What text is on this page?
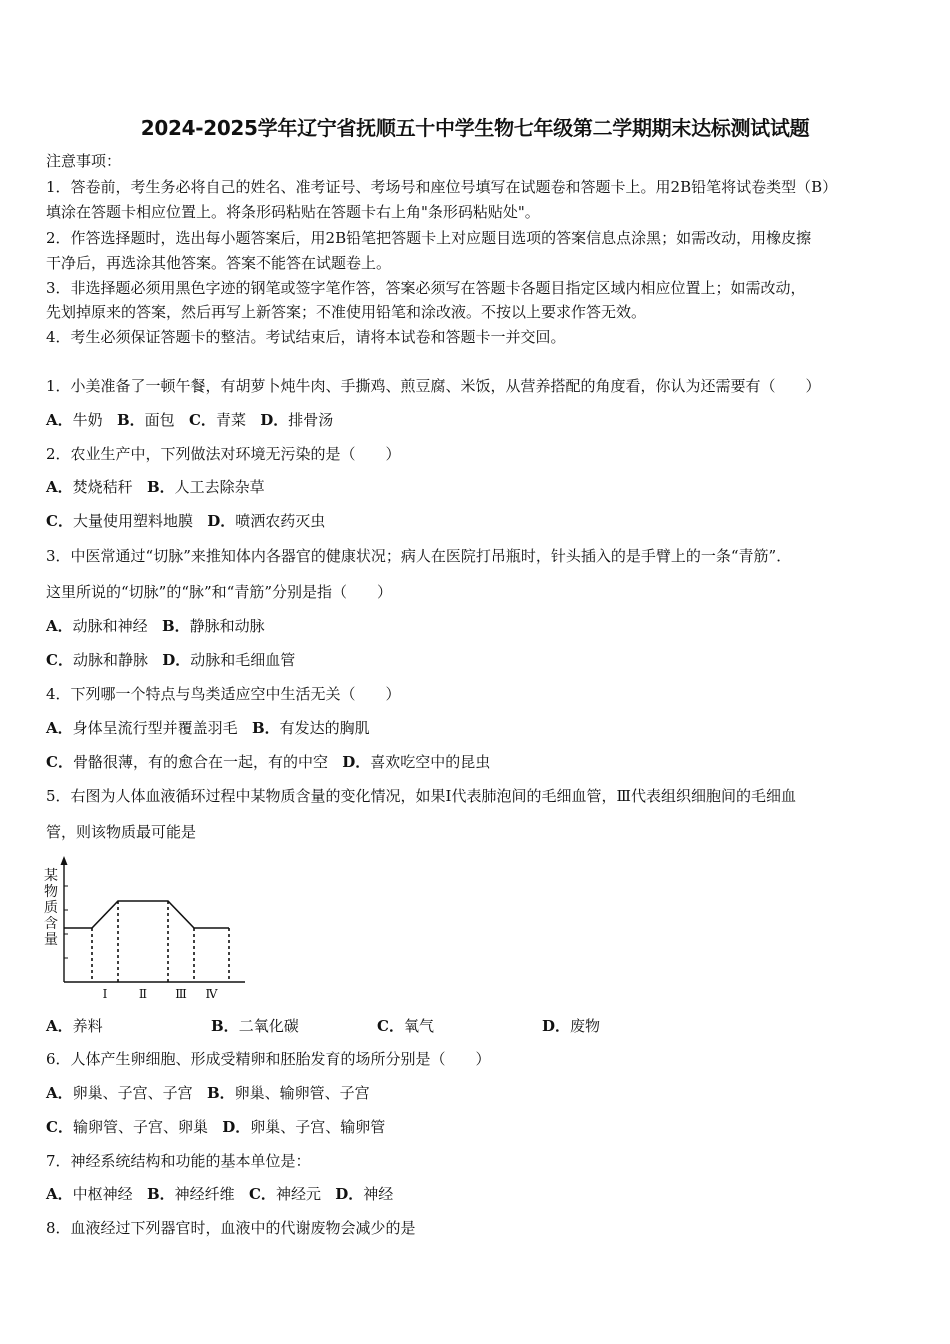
2024-2025学年辽宁省抚顺五十中学生物七年级第二学期期末达标测试试题
注意事项：
1．答卷前，考生务必将自己的姓名、准考证号、考场号和座位号填写在试题卷和答题卡上。用2B铅笔将试卷类型（B）
填涂在答题卡相应位置上。将条形码粘贴在答题卡右上角"条形码粘贴处"。
2．作答选择题时，选出每小题答案后，用2B铅笔把答题卡上对应题目选项的答案信息点涂黑；如需改动，用橡皮擦
干净后，再选涂其他答案。答案不能答在试题卷上。
3．非选择题必须用黑色字迹的钢笔或签字笔作答，答案必须写在答题卡各题目指定区域内相应位置上；如需改动，
先划掉原来的答案，然后再写上新答案；不准使用铅笔和涂改液。不按以上要求作答无效。
4．考生必须保证答题卡的整洁。考试结束后，请将本试卷和答题卡一并交回。
1．小美准备了一顿午餐，有胡萝卜炖牛肉、手撕鸡、煎豆腐、米饭，从营养搭配的角度看，你认为还需要有（　　）
A．牛奶 B．面包 C．青菜 D．排骨汤
2．农业生产中，下列做法对环境无污染的是（　　）
A．焚烧秸秆 B．人工去除杂草
C．大量使用塑料地膜 D．喷洒农药灭虫
3．中医常通过“切脉”来推知体内各器官的健康状况；病人在医院打吊瓶时，针头插入的是手臂上的一条“青筋”．
这里所说的“切脉”的“脉”和“青筋”分别是指（　　）
A．动脉和神经 B．静脉和动脉
C．动脉和静脉 D．动脉和毛细血管
4．下列哪一个特点与鸟类适应空中生活无关（　　）
A．身体呈流行型并覆盖羽毛 B．有发达的胸肌
C．骨骼很薄，有的愈合在一起，有的中空 D．喜欢吃空中的昆虫
5．右图为人体血液循环过程中某物质含量的变化情况，如果Ⅰ代表肺泡间的毛细血管，Ⅲ代表组织细胞间的毛细血
管，则该物质最可能是
某
物
质
含
量
Ⅰ	Ⅱ Ⅲ Ⅳ
A．养料	B．二氧化碳	C．氧气	D．废物
6．人体产生卵细胞、形成受精卵和胚胎发育的场所分别是（　　）
A．卵巢、子宫、子宫 B．卵巢、输卵管、子宫
C．输卵管、子宫、卵巢 D．卵巢、子宫、输卵管
7．神经系统结构和功能的基本单位是：
A．中枢神经 B．神经纤维 C．神经元 D．神经
8．血液经过下列器官时，血液中的代谢废物会减少的是
